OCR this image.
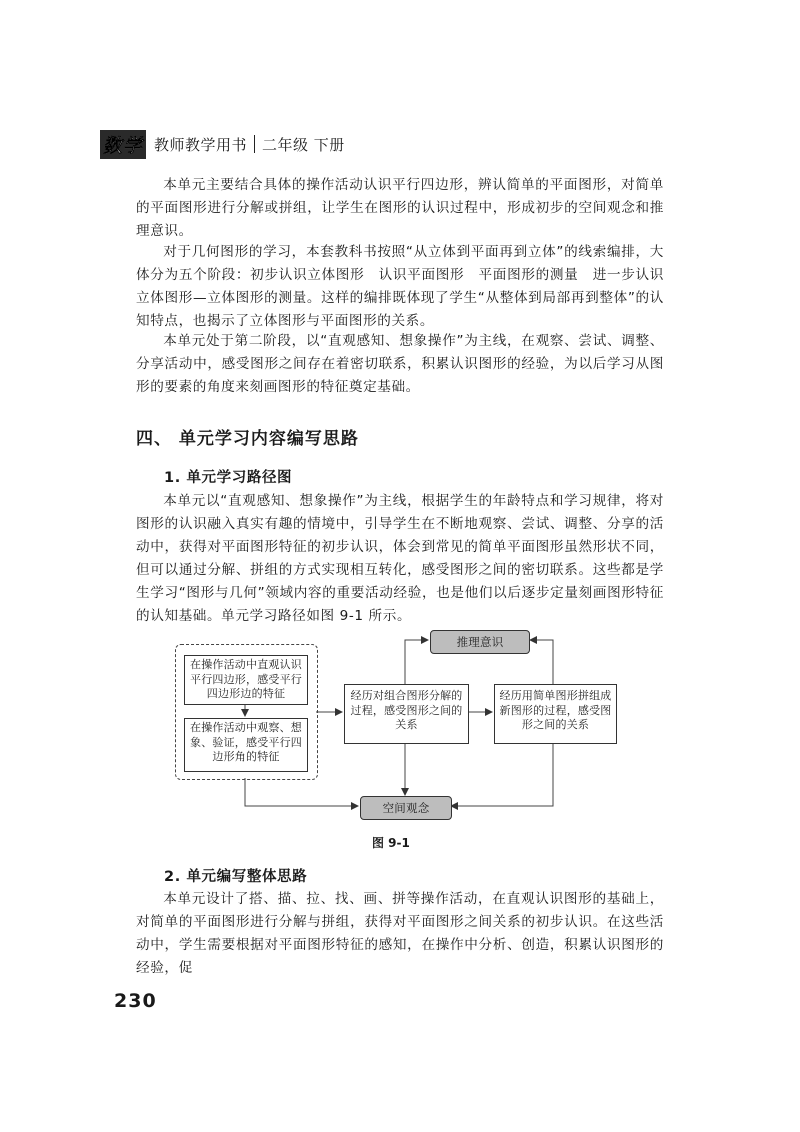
数学 教师教学用书 二年级 下册
本单元主要结合具体的操作活动认识平行四边形，辨认简单的平面图形，对简单的平面图形进行分解或拼组，让学生在图形的认识过程中，形成初步的空间观念和推理意识。
对于几何图形的学习，本套教科书按照“从立体到平面再到立体”的线索编排，大体分为五个阶段：初步认识立体图形　认识平面图形　平面图形的测量　进一步认识立体图形—立体图形的测量。这样的编排既体现了学生“从整体到局部再到整体”的认知特点，也揭示了立体图形与平面图形的关系。
本单元处于第二阶段，以“直观感知、想象操作”为主线，在观察、尝试、调整、分享活动中，感受图形之间存在着密切联系，积累认识图形的经验，为以后学习从图形的要素的角度来刻画图形的特征奠定基础。
四、 单元学习内容编写思路
1. 单元学习路径图
本单元以“直观感知、想象操作”为主线，根据学生的年龄特点和学习规律，将对图形的认识融入真实有趣的情境中，引导学生在不断地观察、尝试、调整、分享的活动中，获得对平面图形特征的初步认识，体会到常见的简单平面图形虽然形状不同，但可以通过分解、拼组的方式实现相互转化，感受图形之间的密切联系。这些都是学生学习“图形与几何”领域内容的重要活动经验，也是他们以后逐步定量刻画图形特征的认知基础。单元学习路径如图 9-1 所示。
在操作活动中直观认识平行四边形，感受平行四边形边的特征
在操作活动中观察、想象、验证，感受平行四边形角的特征
经历对组合图形分解的过程，感受图形之间的关系
经历用简单图形拼组成新图形的过程，感受图形之间的关系
推理意识
空间观念
图 9-1
2. 单元编写整体思路
本单元设计了搭、描、拉、找、画、拼等操作活动，在直观认识图形的基础上，对简单的平面图形进行分解与拼组，获得对平面图形之间关系的初步认识。在这些活动中，学生需要根据对平面图形特征的感知，在操作中分析、创造，积累认识图形的经验，促
230
